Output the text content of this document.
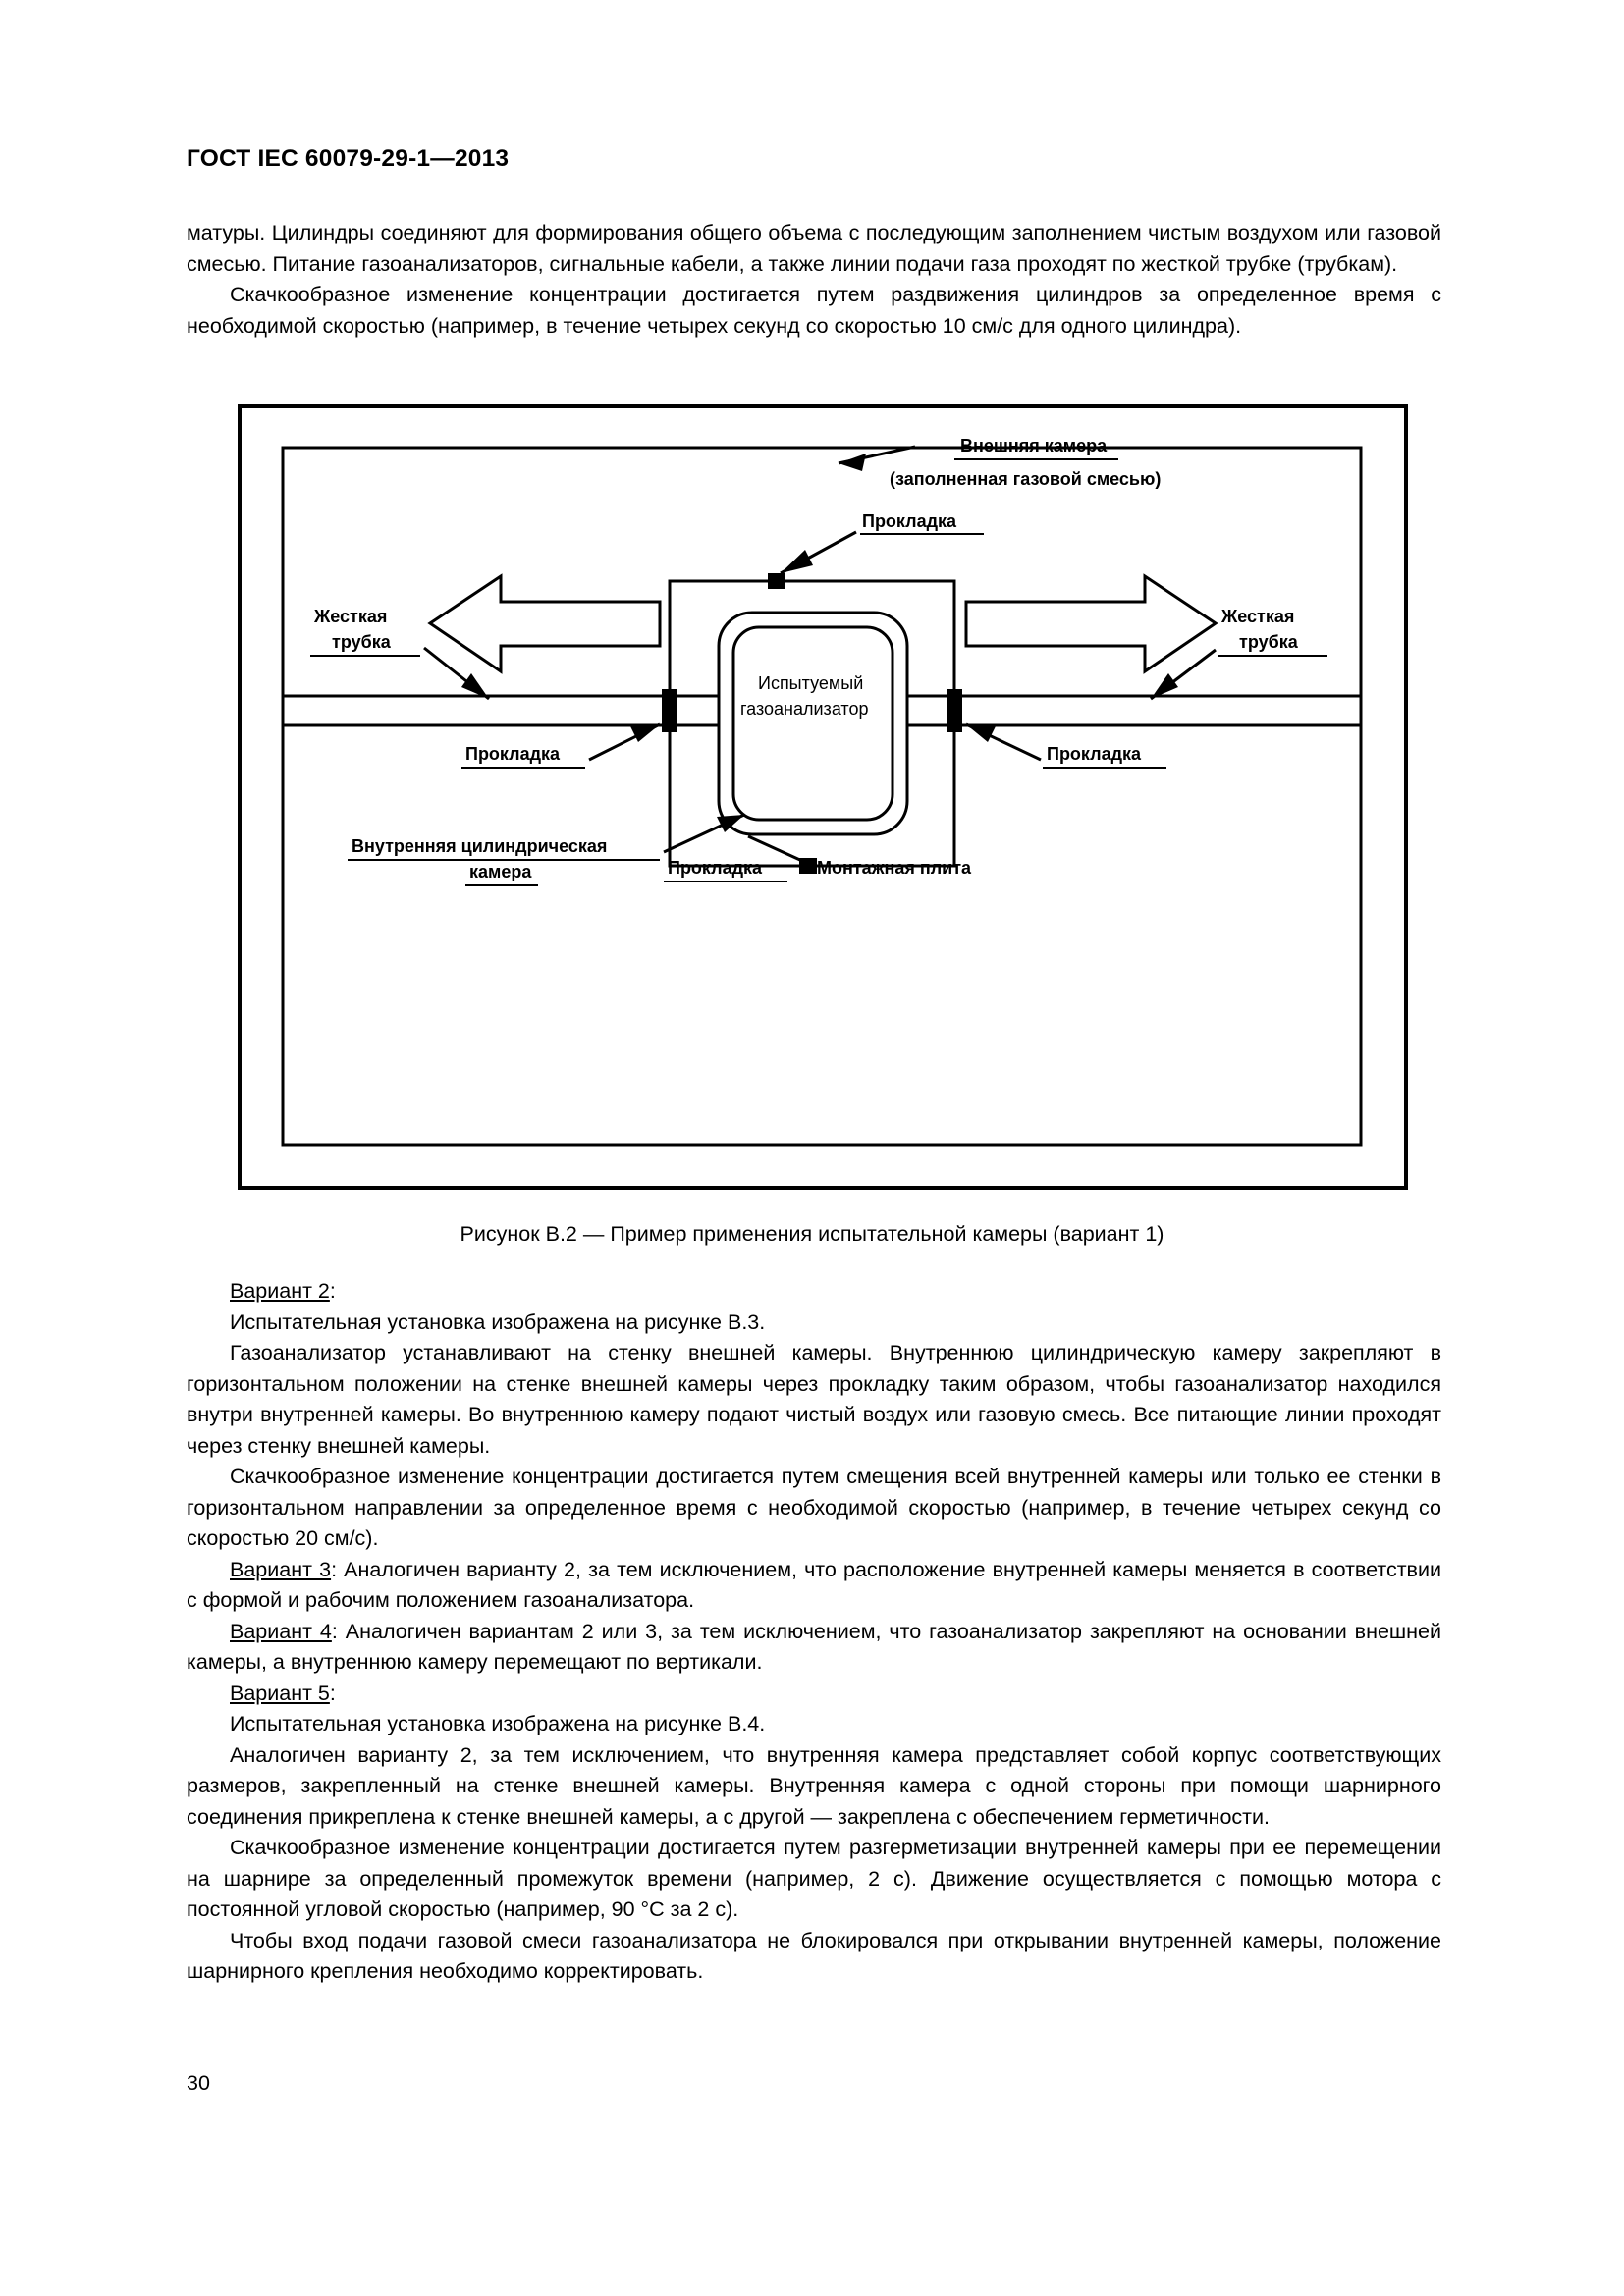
ГОСТ IEC 60079-29-1—2013

матуры. Цилиндры соединяют для формирования общего объема с последующим заполнением чистым воздухом или газовой смесью. Питание газоанализаторов, сигнальные кабели, а также линии подачи газа проходят по жесткой трубке (трубкам).

Скачкообразное изменение концентрации достигается путем раздвижения цилиндров за определенное время с необходимой скоростью (например, в течение четырех секунд со скоростью 10 см/с для одного цилиндра).

Внешняя камера
(заполненная газовой смесью)
Прокладка
Жесткая
трубка
Жесткая
трубка
Испытуемый
газоанализатор
Прокладка	Прокладка
Внутренняя цилиндрическая
камера	Прокладка	Монтажная плита
Рисунок В.2 — Пример применения испытательной камеры (вариант 1)

Вариант 2:

Испытательная установка изображена на рисунке В.3.

Газоанализатор устанавливают на стенку внешней камеры. Внутреннюю цилиндрическую камеру закрепляют в горизонтальном положении на стенке внешней камеры через прокладку таким образом, чтобы газоанализатор находился внутри внутренней камеры. Во внутреннюю камеру подают чистый воздух или газовую смесь. Все питающие линии проходят через стенку внешней камеры.

Скачкообразное изменение концентрации достигается путем смещения всей внутренней камеры или только ее стенки в горизонтальном направлении за определенное время с необходимой скоростью (например, в течение четырех секунд со скоростью 20 см/с).

Вариант 3: Аналогичен варианту 2, за тем исключением, что расположение внутренней камеры меняется в соответствии с формой и рабочим положением газоанализатора.

Вариант 4: Аналогичен вариантам 2 или 3, за тем исключением, что газоанализатор закрепляют на основании внешней камеры, а внутреннюю камеру перемещают по вертикали.

Вариант 5:

Испытательная установка изображена на рисунке В.4.

Аналогичен варианту 2, за тем исключением, что внутренняя камера представляет собой корпус соответствующих размеров, закрепленный на стенке внешней камеры. Внутренняя камера с одной стороны при помощи шарнирного соединения прикреплена к стенке внешней камеры, а с другой — закреплена с обеспечением герметичности.

Скачкообразное изменение концентрации достигается путем разгерметизации внутренней камеры при ее перемещении на шарнире за определенный промежуток времени (например, 2 с). Движение осуществляется с помощью мотора с постоянной угловой скоростью (например, 90 °С за 2 с).

Чтобы вход подачи газовой смеси газоанализатора не блокировался при открывании внутренней камеры, положение шарнирного крепления необходимо корректировать.

30
